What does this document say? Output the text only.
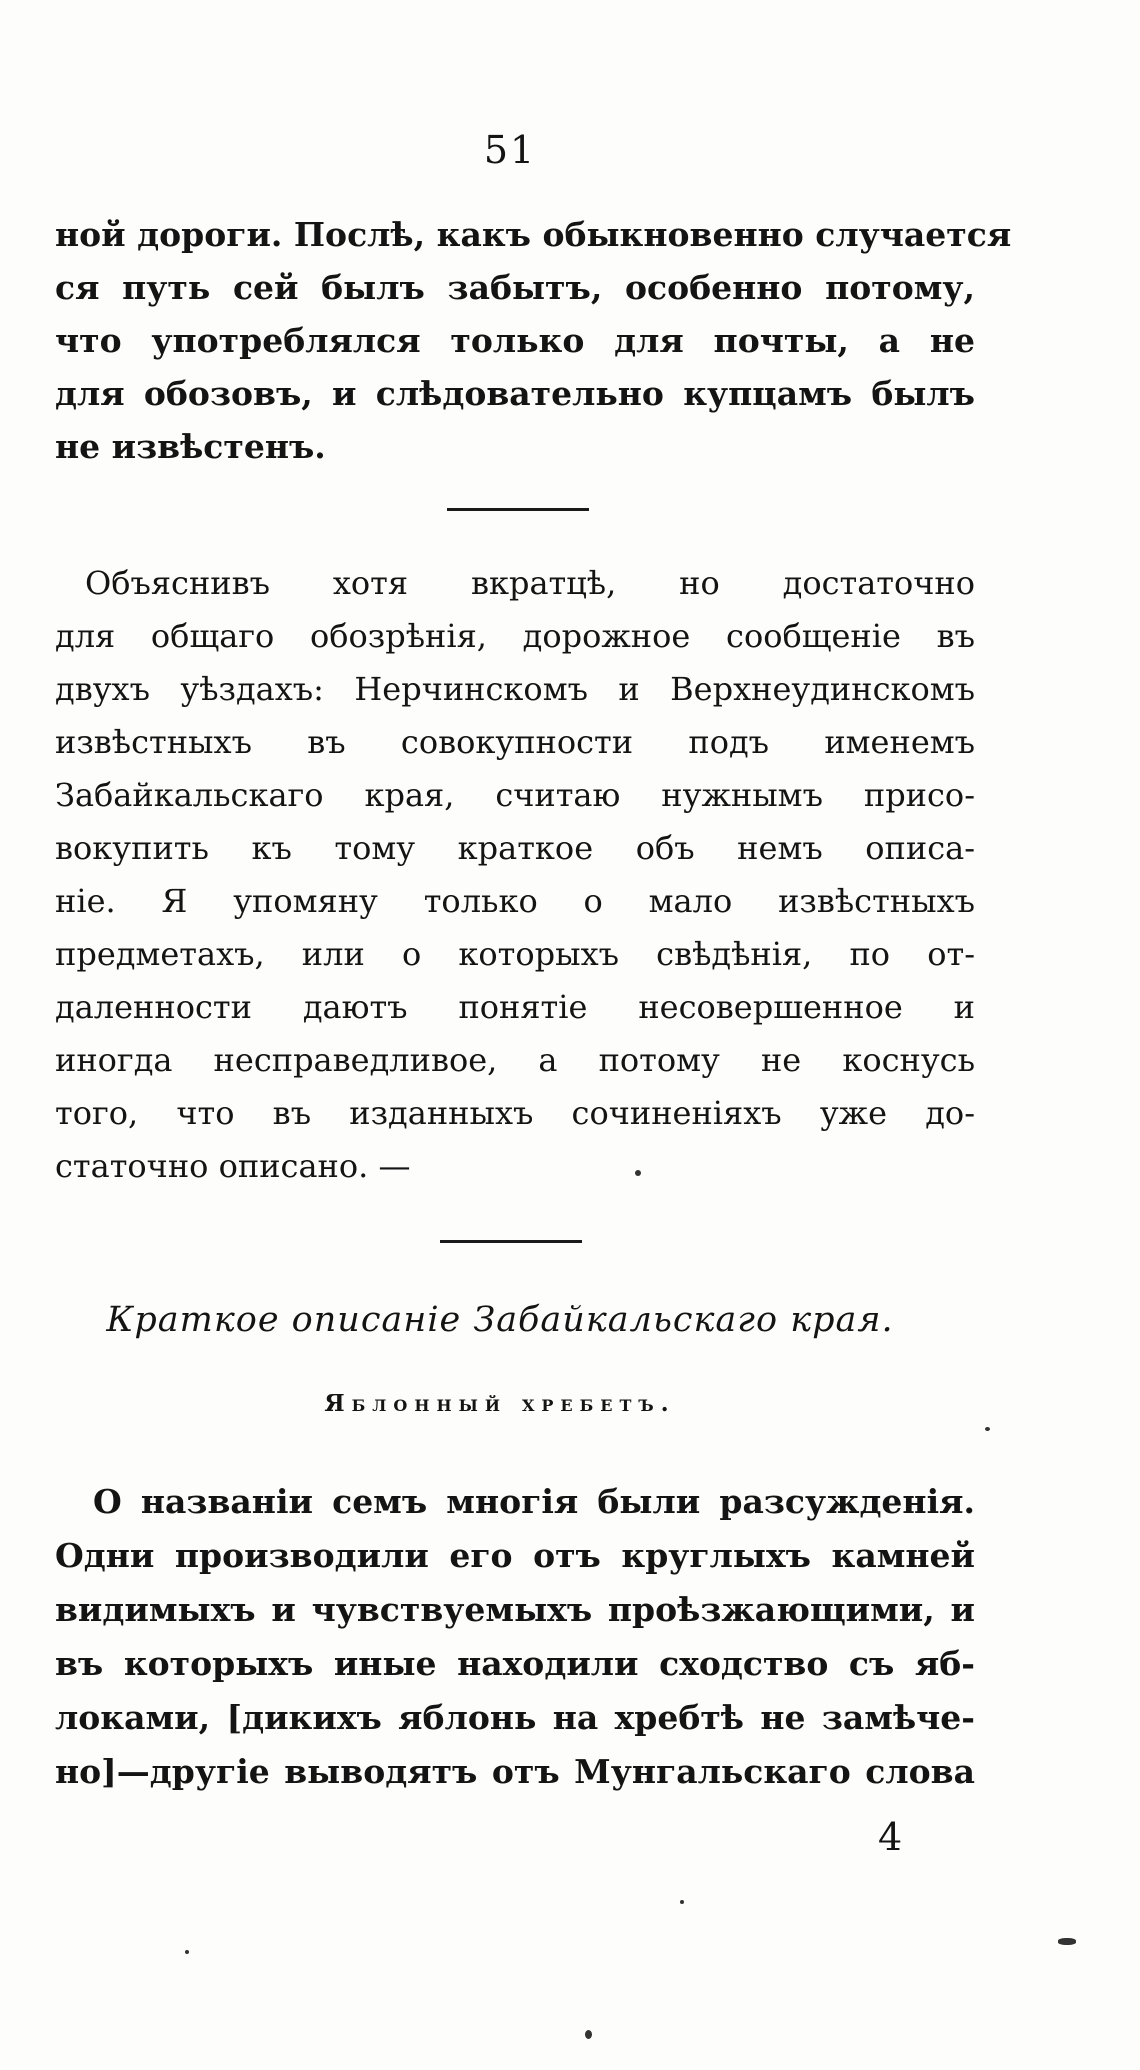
51
ной дороги. Послѣ, какъ обыкновенно случается
ся путь сей былъ забытъ, особенно потому,
что употреблялся только для почты, а не
для обозовъ, и слѣдовательно купцамъ былъ
не извѣстенъ.
Объяснивъ хотя вкратцѣ, но достаточно
для общаго обозрѣнія, дорожное сообщеніе въ
двухъ уѣздахъ: Нерчинскомъ и Верхнеудинскомъ
извѣстныхъ въ совокупности подъ именемъ
Забайкальскаго края, считаю нужнымъ присо-
вокупить къ тому краткое объ немъ описа-
ніе. Я упомяну только о мало извѣстныхъ
предметахъ, или о которыхъ свѣдѣнія, по от-
даленности даютъ понятіе несовершенное и
иногда несправедливое, а потому не коснусь
того, что въ изданныхъ сочиненіяхъ уже до-
статочно описано. —
Краткое описаніе Забайкальскаго края.
Яблонный хребетъ.
О названіи семъ многія были разсужденія.
Одни производили его отъ круглыхъ камней
видимыхъ и чувствуемыхъ проѣзжающими, и
въ которыхъ иные находили сходство съ яб-
локами, [дикихъ яблонь на хребтѣ не замѣче-
но]—другіе выводятъ отъ Мунгальскаго слова
4
